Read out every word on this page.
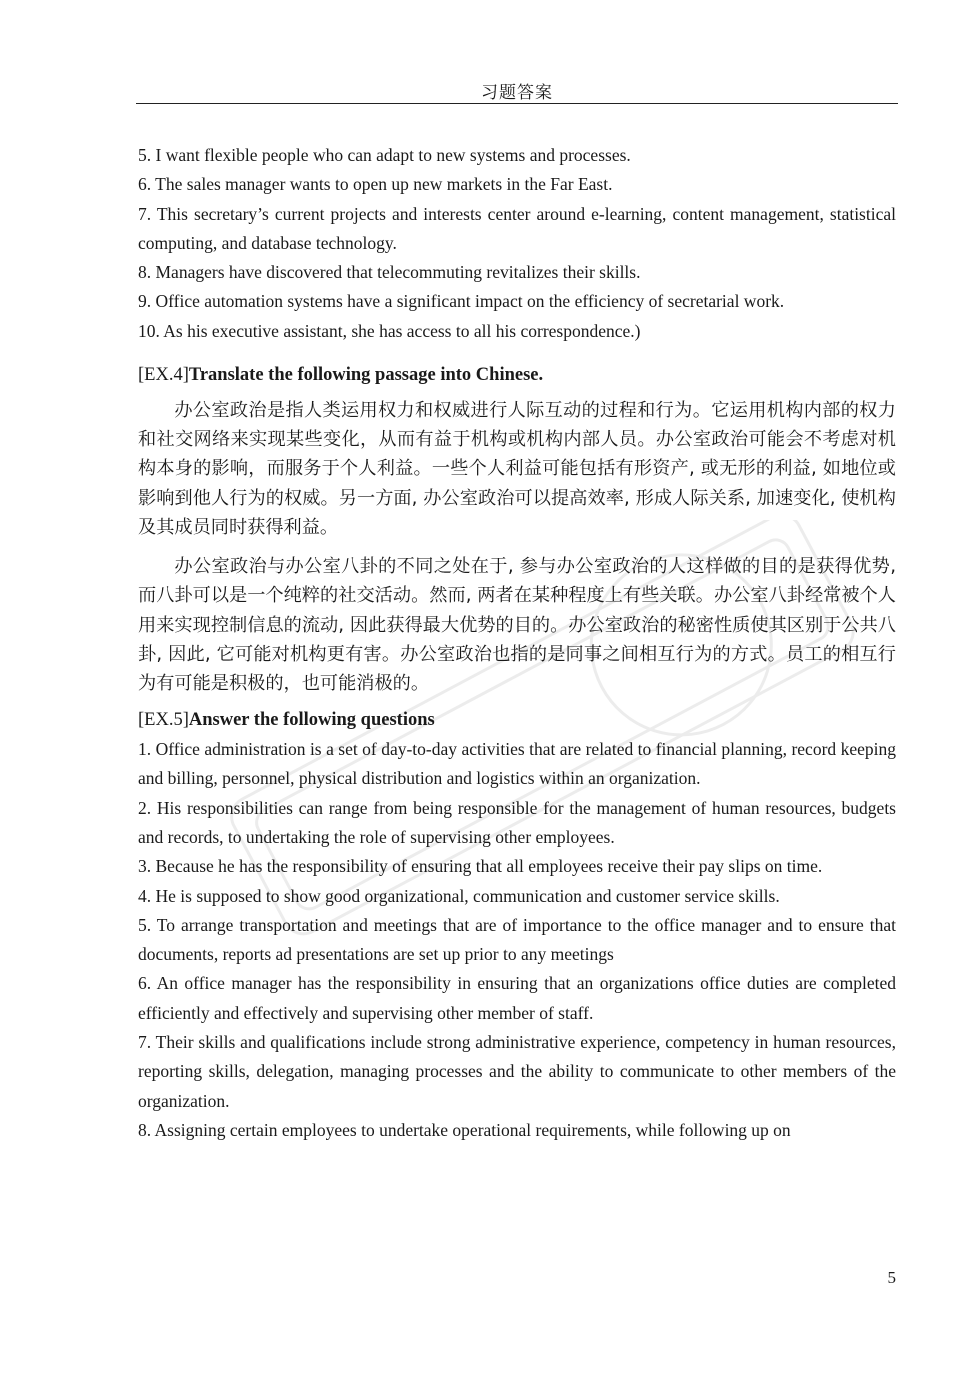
习题答案

5. I want flexible people who can adapt to new systems and processes.

6. The sales manager wants to open up new markets in the Far East.

7. This secretary’s current projects and interests center around e-learning, content management, statistical computing, and database technology.

8. Managers have discovered that telecommuting revitalizes their skills.

9. Office automation systems have a significant impact on the efficiency of secretarial work.

10. As his executive assistant, she has access to all his correspondence.)

[EX.4]Translate the following passage into Chinese.

办公室政治是指人类运用权力和权威进行人际互动的过程和行为。它运用机构内部的权力和社交网络来实现某些变化，从而有益于机构或机构内部人员。办公室政治可能会不考虑对机构本身的影响，而服务于个人利益。一些个人利益可能包括有形资产, 或无形的利益, 如地位或影响到他人行为的权威。另一方面, 办公室政治可以提高效率, 形成人际关系, 加速变化, 使机构及其成员同时获得利益。

办公室政治与办公室八卦的不同之处在于, 参与办公室政治的人这样做的目的是获得优势, 而八卦可以是一个纯粹的社交活动。然而, 两者在某种程度上有些关联。办公室八卦经常被个人用来实现控制信息的流动, 因此获得最大优势的目的。办公室政治的秘密性质使其区别于公共八卦, 因此, 它可能对机构更有害。办公室政治也指的是同事之间相互行为的方式。员工的相互行为有可能是积极的，也可能消极的。

[EX.5]Answer the following questions

1. Office administration is a set of day-to-day activities that are related to financial planning, record keeping and billing, personnel, physical distribution and logistics within an organization.

2. His responsibilities can range from being responsible for the management of human resources, budgets and records, to undertaking the role of supervising other employees.

3. Because he has the responsibility of ensuring that all employees receive their pay slips on time.

4. He is supposed to show good organizational, communication and customer service skills.

5. To arrange transportation and meetings that are of importance to the office manager and to ensure that documents, reports ad presentations are set up prior to any meetings

6. An office manager has the responsibility in ensuring that an organizations office duties are completed efficiently and effectively and supervising other member of staff.

7. Their skills and qualifications include strong administrative experience, competency in human resources, reporting skills, delegation, managing processes and the ability to communicate to other members of the organization.

8. Assigning certain employees to undertake operational requirements, while following up on

5
